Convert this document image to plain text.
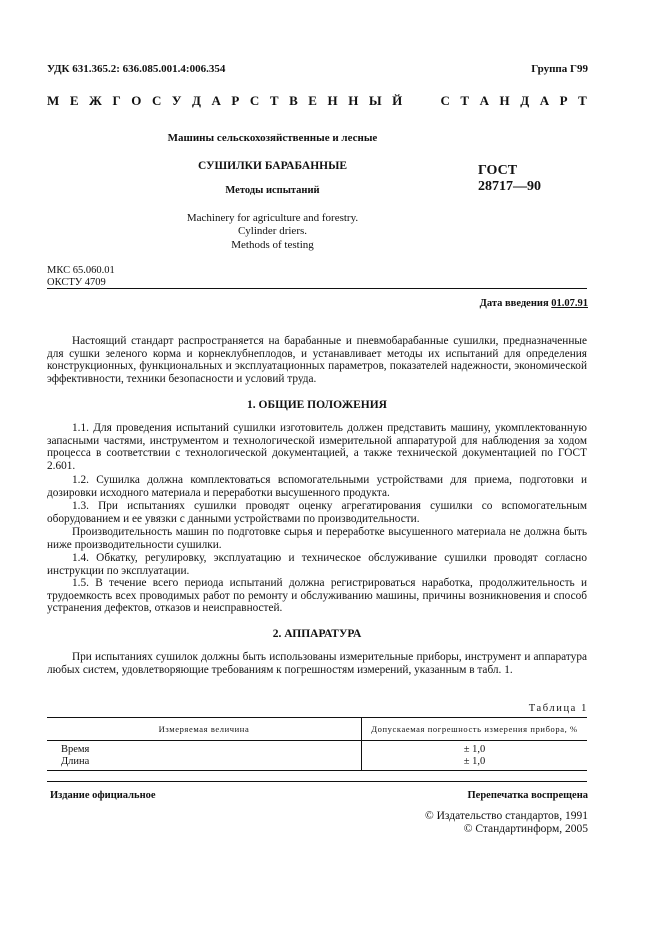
УДК 631.365.2: 636.085.001.4:006.354	Группа Г99
М Е Ж Г О С У Д А Р С Т В Е Н Н Ы Й

	С Т А Н Д А Р Т
Машины сельскохозяйственные и лесные
СУШИЛКИ БАРАБАННЫЕ
Методы испытаний
Machinery for agriculture and forestry.
Cylinder driers.
Methods of testing
ГОСТ
28717—90
МКС 65.060.01
ОКСТУ 4709
Дата введения 01.07.91

Настоящий стандарт распространяется на барабанные и пневмобарабанные сушилки, предназначенные для сушки зеленого корма и корнеклубнеплодов, и устанавливает методы их испытаний для определения конструкционных, функциональных и эксплуатационных параметров, показателей надежности, экономической эффективности, техники безопасности и условий труда.

1. ОБЩИЕ ПОЛОЖЕНИЯ

1.1. Для проведения испытаний сушилки изготовитель должен представить машину, укомплектованную запасными частями, инструментом и технологической измерительной аппаратурой для наблюдения за ходом процесса в соответствии с технологической документацией, а также технической документацией по ГОСТ 2.601.

1.2. Сушилка должна комплектоваться вспомогательными устройствами для приема, подготовки и дозировки исходного материала и переработки высушенного продукта.

1.3. При испытаниях сушилки проводят оценку агрегатирования сушилки со вспомогательным оборудованием и ее увязки с данными устройствами по производительности.

Производительность машин по подготовке сырья и переработке высушенного материала не должна быть ниже производительности сушилки.

1.4. Обкатку, регулировку, эксплуатацию и техническое обслуживание сушилки проводят согласно инструкции по эксплуатации.

1.5. В течение всего периода испытаний должна регистрироваться наработка, продолжительность и трудоемкость всех проводимых работ по ремонту и обслуживанию машины, причины возникновения и способ устранения дефектов, отказов и неисправностей.

2. АППАРАТУРА

При испытаниях сушилок должны быть использованы измерительные приборы, инструмент и аппаратура любых систем, удовлетворяющие требованиям к погрешностям измерений, указанным в табл. 1.

Таблица 1
Измеряемая величина	Допускаемая погрешность измерения прибора, %
Время	± 1,0
Длина	± 1,0
Издание официальное	Перепечатка воспрещена
© Издательство стандартов, 1991
© Стандартинформ, 2005
